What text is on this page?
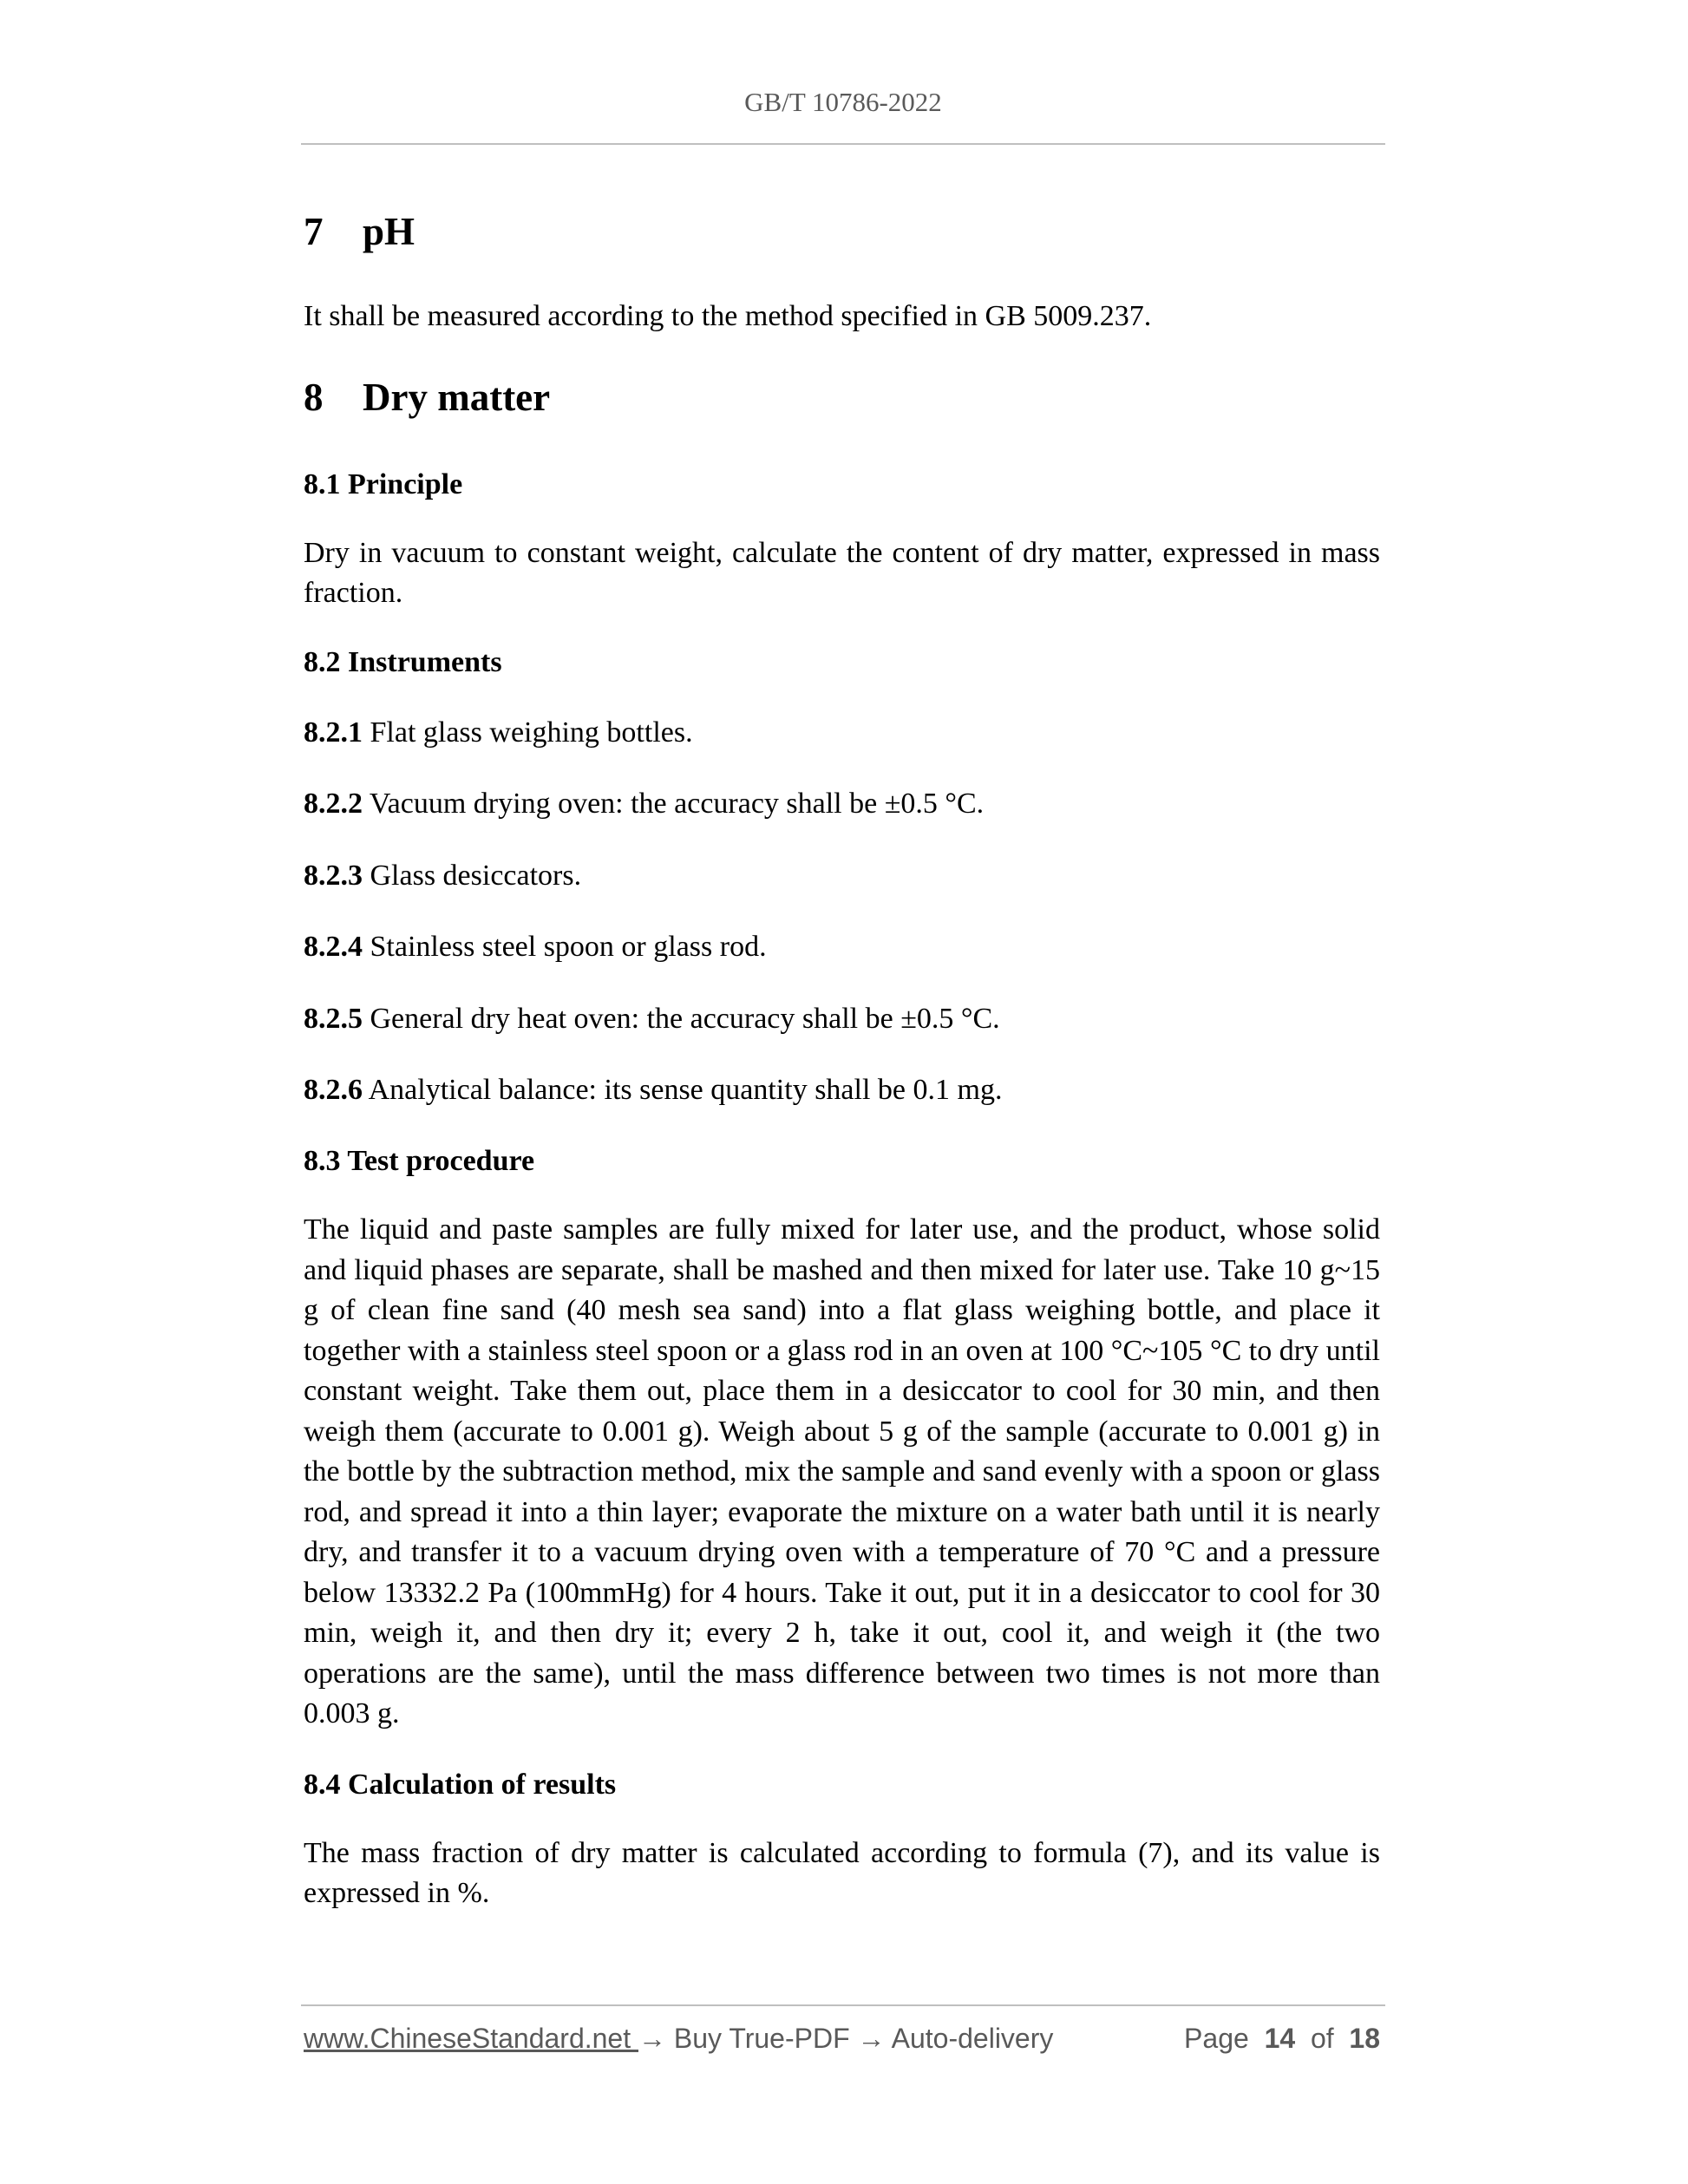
GB/T 10786-2022
7 pH

It shall be measured according to the method specified in GB 5009.237.

8 Dry matter
8.1 Principle

Dry in vacuum to constant weight, calculate the content of dry matter, expressed in mass fraction.

8.2 Instruments

8.2.1 Flat glass weighing bottles.

8.2.2 Vacuum drying oven: the accuracy shall be ±0.5 °C.

8.2.3 Glass desiccators.

8.2.4 Stainless steel spoon or glass rod.

8.2.5 General dry heat oven: the accuracy shall be ±0.5 °C.

8.2.6 Analytical balance: its sense quantity shall be 0.1 mg.

8.3 Test procedure

The liquid and paste samples are fully mixed for later use, and the product, whose solid and liquid phases are separate, shall be mashed and then mixed for later use. Take 10 g~15 g of clean fine sand (40 mesh sea sand) into a flat glass weighing bottle, and place it together with a stainless steel spoon or a glass rod in an oven at 100 °C~105 °C to dry until constant weight. Take them out, place them in a desiccator to cool for 30 min, and then weigh them (accurate to 0.001 g). Weigh about 5 g of the sample (accurate to 0.001 g) in the bottle by the subtraction method, mix the sample and sand evenly with a spoon or glass rod, and spread it into a thin layer; evaporate the mixture on a water bath until it is nearly dry, and transfer it to a vacuum drying oven with a temperature of 70 °C and a pressure below 13332.2 Pa (100mmHg) for 4 hours. Take it out, put it in a desiccator to cool for 30 min, weigh it, and then dry it; every 2 h, take it out, cool it, and weigh it (the two operations are the same), until the mass difference between two times is not more than 0.003 g.

8.4 Calculation of results

The mass fraction of dry matter is calculated according to formula (7), and its value is expressed in %.

www.ChineseStandard.net → Buy True-PDF → Auto-delivery	Page 14 of 18
